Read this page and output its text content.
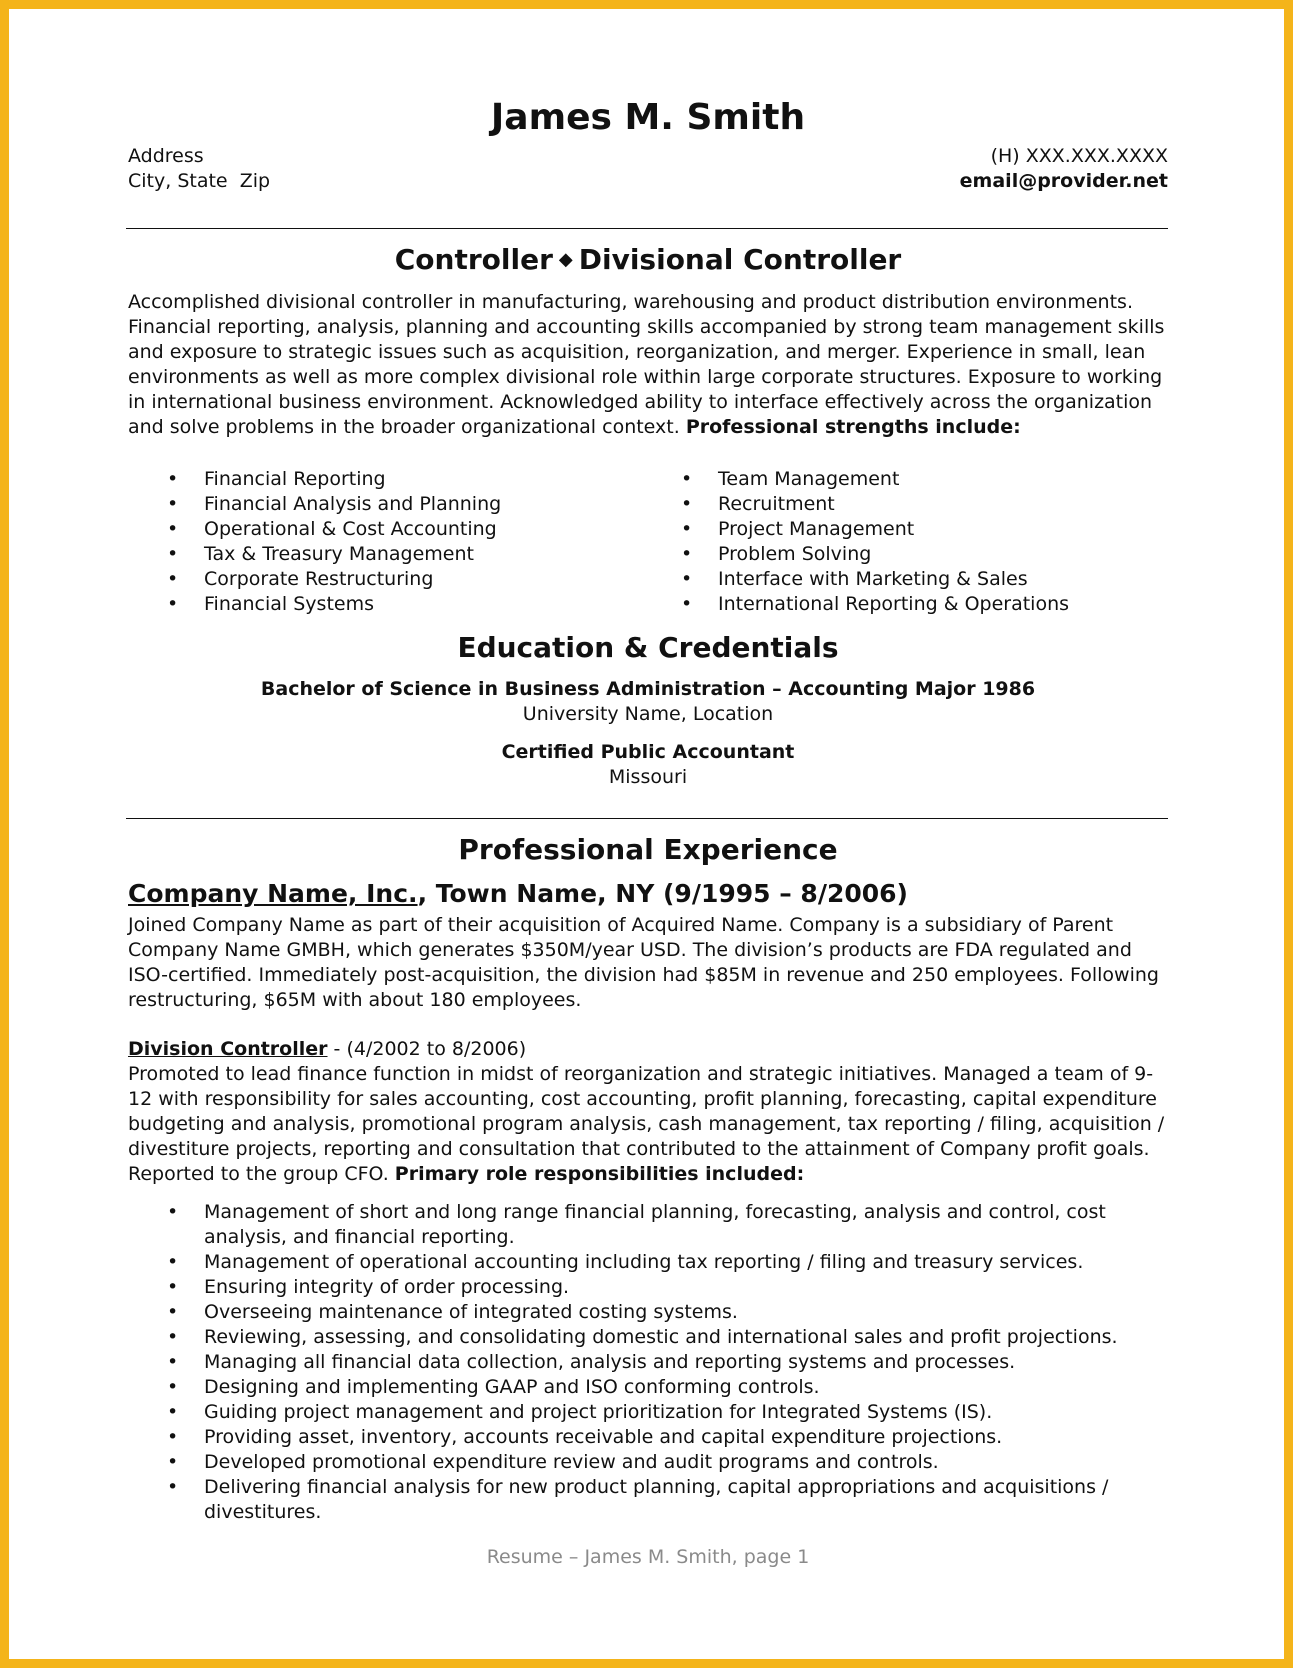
James M. Smith
Address
City, State  Zip
(H) XXX.XXX.XXXX
email@provider.net
Controller ◆ Divisional Controller
Accomplished divisional controller in manufacturing, warehousing and product distribution environments. Financial reporting, analysis, planning and accounting skills accompanied by strong team management skills and exposure to strategic issues such as acquisition, reorganization, and merger. Experience in small, lean environments as well as more complex divisional role within large corporate structures. Exposure to working in international business environment. Acknowledged ability to interface effectively across the organization and solve problems in the broader organizational context. Professional strengths include:
• Financial Reporting
• Financial Analysis and Planning
• Operational & Cost Accounting
• Tax & Treasury Management
• Corporate Restructuring
• Financial Systems
• Team Management
• Recruitment
• Project Management
• Problem Solving
• Interface with Marketing & Sales
• International Reporting & Operations
Education & Credentials
Bachelor of Science in Business Administration – Accounting Major 1986
University Name, Location
Certified Public Accountant
Missouri
Professional Experience
Company Name, Inc., Town Name, NY (9/1995 – 8/2006)
Joined Company Name as part of their acquisition of Acquired Name. Company is a subsidiary of Parent Company Name GMBH, which generates $350M/year USD. The division’s products are FDA regulated and ISO-certified. Immediately post-acquisition, the division had $85M in revenue and 250 employees. Following restructuring, $65M with about 180 employees.
Division Controller - (4/2002 to 8/2006)
Promoted to lead finance function in midst of reorganization and strategic initiatives. Managed a team of 9-12 with responsibility for sales accounting, cost accounting, profit planning, forecasting, capital expenditure budgeting and analysis, promotional program analysis, cash management, tax reporting / filing, acquisition / divestiture projects, reporting and consultation that contributed to the attainment of Company profit goals. Reported to the group CFO. Primary role responsibilities included:
• Management of short and long range financial planning, forecasting, analysis and control, cost analysis, and financial reporting.
• Management of operational accounting including tax reporting / filing and treasury services.
• Ensuring integrity of order processing.
• Overseeing maintenance of integrated costing systems.
• Reviewing, assessing, and consolidating domestic and international sales and profit projections.
• Managing all financial data collection, analysis and reporting systems and processes.
• Designing and implementing GAAP and ISO conforming controls.
• Guiding project management and project prioritization for Integrated Systems (IS).
• Providing asset, inventory, accounts receivable and capital expenditure projections.
• Developed promotional expenditure review and audit programs and controls.
• Delivering financial analysis for new product planning, capital appropriations and acquisitions / divestitures.
Resume – James M. Smith, page 1
